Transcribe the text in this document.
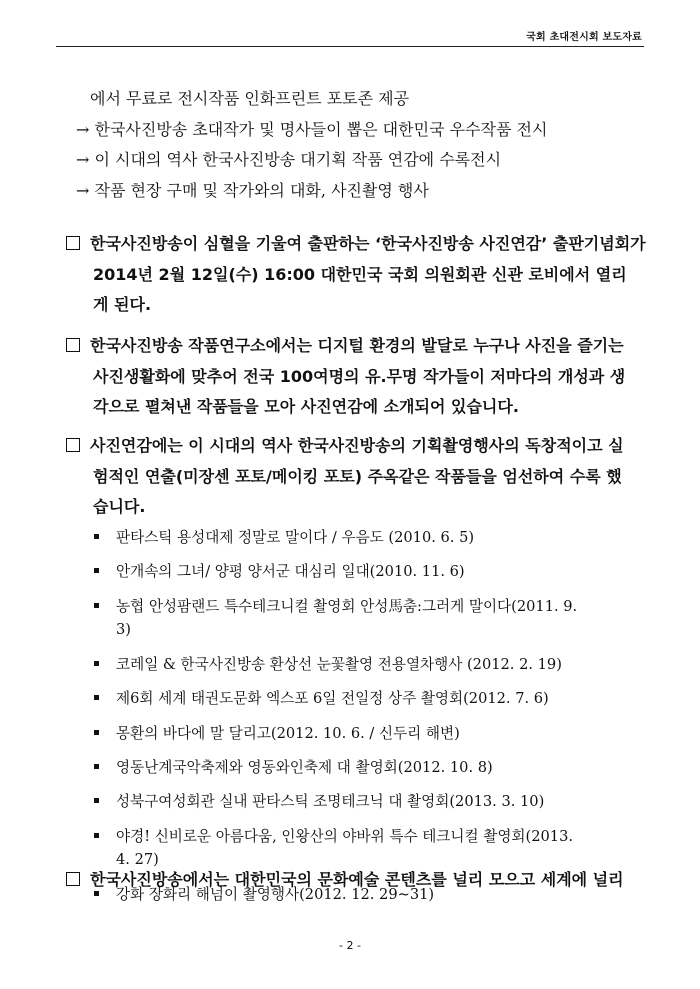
국회 초대전시회 보도자료
에서 무료로 전시작품 인화프린트 포토존 제공
→ 한국사진방송 초대작가 및 명사들이 뽑은 대한민국 우수작품 전시
→ 이 시대의 역사 한국사진방송 대기획 작품 연감에 수록전시
→ 작품 현장 구매 및 작가와의 대화, 사진촬영 행사
한국사진방송이 심혈을 기울여 출판하는 ‘한국사진방송 사진연감’ 출판기념회가
2014년 2월 12일(수) 16:00 대한민국 국회 의원회관 신관 로비에서 열리
게 된다.
한국사진방송 작품연구소에서는 디지털 환경의 발달로 누구나 사진을 즐기는
사진생활화에 맞추어 전국 100여명의 유.무명 작가들이 저마다의 개성과 생
각으로 펼쳐낸 작품들을 모아 사진연감에 소개되어 있습니다.
사진연감에는 이 시대의 역사 한국사진방송의 기획촬영행사의 독창적이고 실
험적인 연출(미장센 포토/메이킹 포토) 주옥같은 작품들을 엄선하여 수록 했
습니다.
판타스틱 용성대제 정말로 말이다 / 우음도 (2010. 6. 5)
안개속의 그녀/ 양평 양서군 대심리 일대(2010. 11. 6)
농협 안성팜랜드 특수테크니컬 촬영회 안성馬춤:그러게 말이다(2011. 9.
3)
코레일 & 한국사진방송 환상선 눈꽃촬영 전용열차행사 (2012. 2. 19)
제6회 세계 태권도문화 엑스포 6일 전일정 상주 촬영회(2012. 7. 6)
몽환의 바다에 말 달리고(2012. 10. 6. / 신두리 해변)
영동난계국악축제와 영동와인축제 대 촬영회(2012. 10. 8)
성북구여성회관 실내 판타스틱 조명테크닉 대 촬영회(2013. 3. 10)
야경! 신비로운 아름다움, 인왕산의 야바위 특수 테크니컬 촬영회(2013.
4. 27)
강화 장화리 해넘이 촬영행사(2012. 12. 29~31)
한국사진방송에서는 대한민국의 문화예술 콘텐츠를 널리 모으고 세계에 널리
- 2 -
